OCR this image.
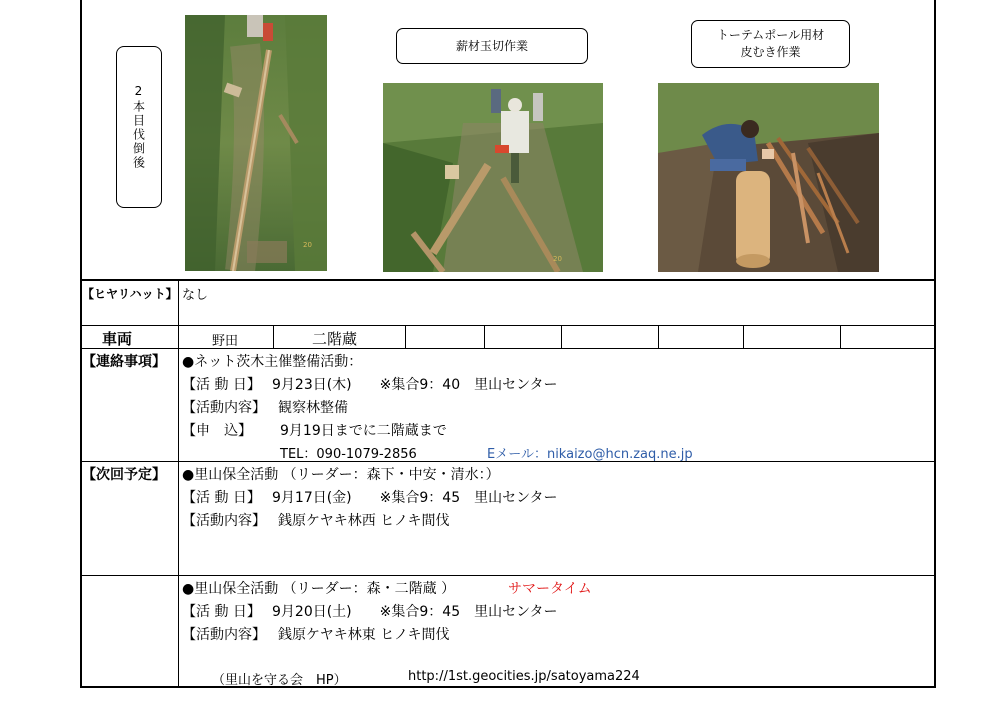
2本目伐倒後
20
薪材玉切作業
20
トーテムポール用材
皮むき作業
【ヒヤリハット】 なし
車両	野田	二階蔵
【連絡事項】 ●ネット茨木主催整備活動：
【活 動 日】 9月23日(木)　　※集合9：40　里山センター
【活動内容】 観察林整備
【申　込】 9月19日までに二階蔵まで
TEL：090-1079-2856	Eメール：nikaizo@hcn.zaq.ne.jp
【次回予定】 ●里山保全活動 （リーダー：森下・中安・清水：）
【活 動 日】 9月17日(金)　　※集合9：45　里山センター
【活動内容】 銭原ケヤキ林西 ヒノキ間伐
●里山保全活動 （リーダー：森・二階蔵 ）	サマータイム
【活 動 日】 9月20日(土)　　※集合9：45　里山センター
【活動内容】 銭原ケヤキ林東 ヒノキ間伐
（里山を守る会　HP）	http://1st.geocities.jp/satoyama224
